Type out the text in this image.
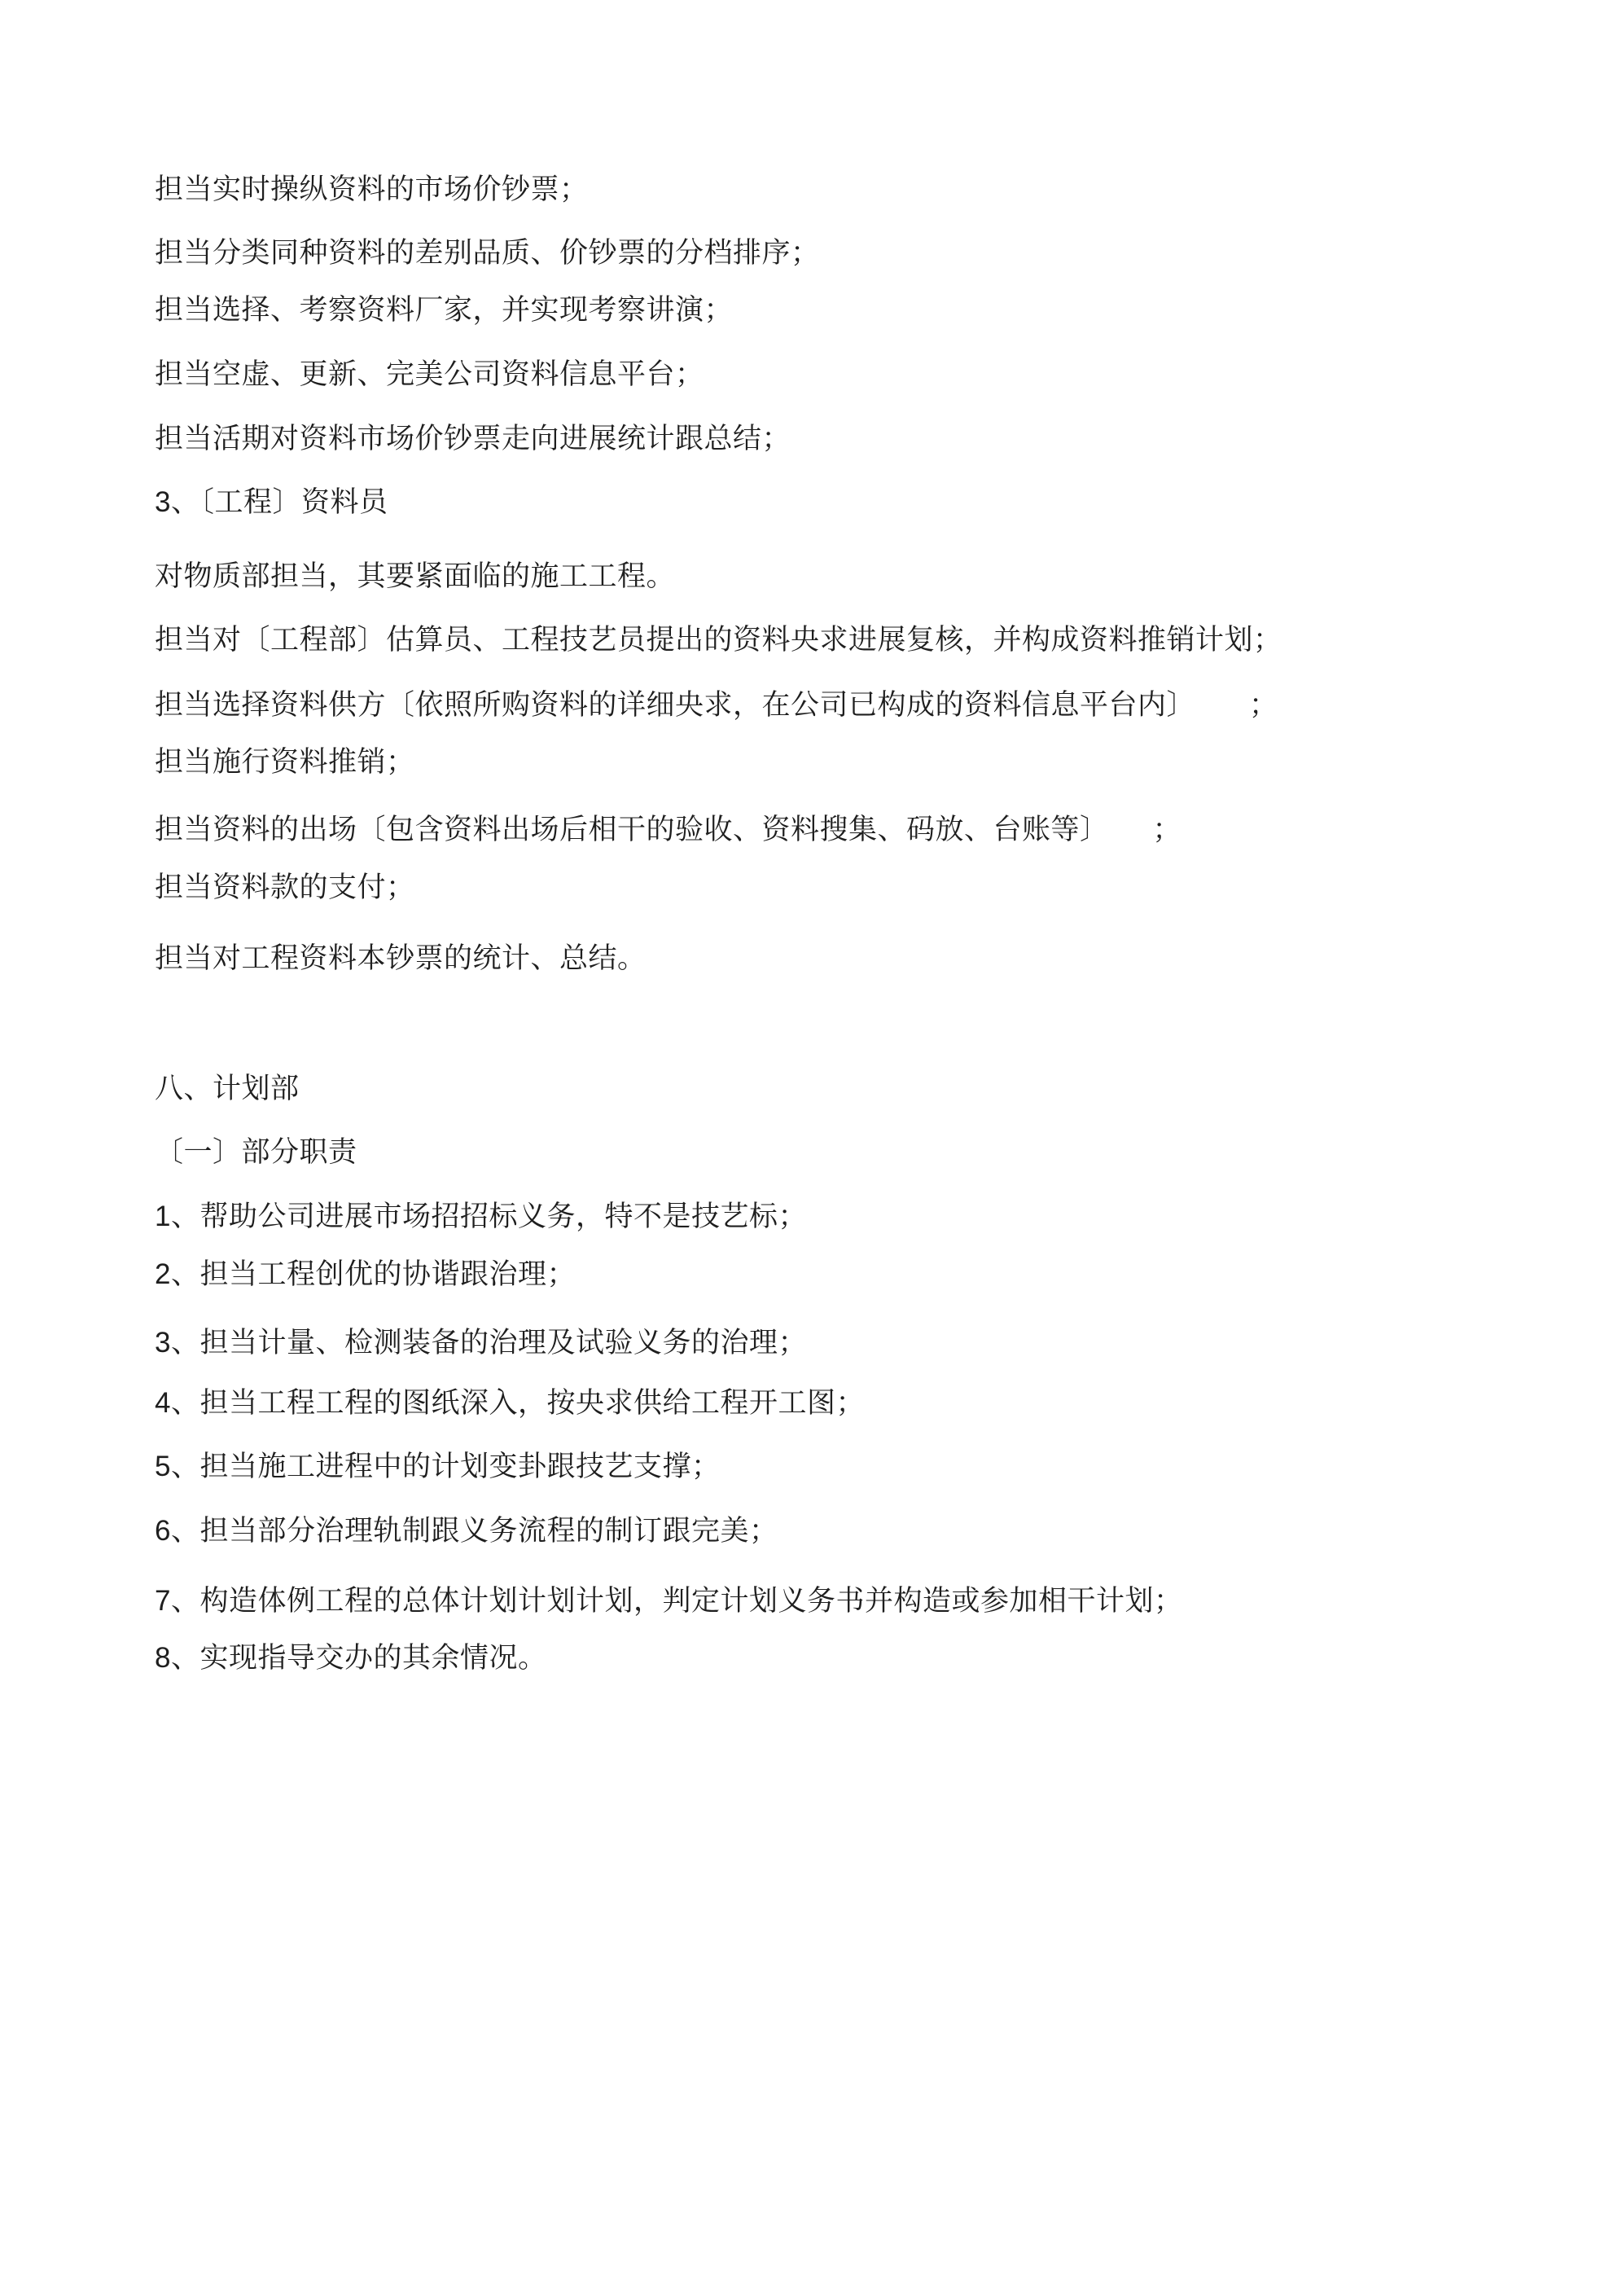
担当实时操纵资料的市场价钞票；
担当分类同种资料的差别品质、价钞票的分档排序；
担当选择、考察资料厂家，并实现考察讲演；
担当空虚、更新、完美公司资料信息平台；
担当活期对资料市场价钞票走向进展统计跟总结；
3、〔工程〕资料员
对物质部担当，其要紧面临的施工工程。
担当对〔工程部〕估算员、工程技艺员提出的资料央求进展复核，并构成资料推销计划；
担当选择资料供方〔依照所购资料的详细央求，在公司已构成的资料信息平台内〕 ；
担当施行资料推销；
担当资料的出场〔包含资料出场后相干的验收、资料搜集、码放、台账等〕 ；
担当资料款的支付；
担当对工程资料本钞票的统计、总结。
八、计划部
〔一〕部分职责
1、帮助公司进展市场招招标义务，特不是技艺标；
2、担当工程创优的协谐跟治理；
3、担当计量、检测装备的治理及试验义务的治理；
4、担当工程工程的图纸深入，按央求供给工程开工图；
5、担当施工进程中的计划变卦跟技艺支撑；
6、担当部分治理轨制跟义务流程的制订跟完美；
7、构造体例工程的总体计划计划计划，判定计划义务书并构造或参加相干计划；
8、实现指导交办的其余情况。
